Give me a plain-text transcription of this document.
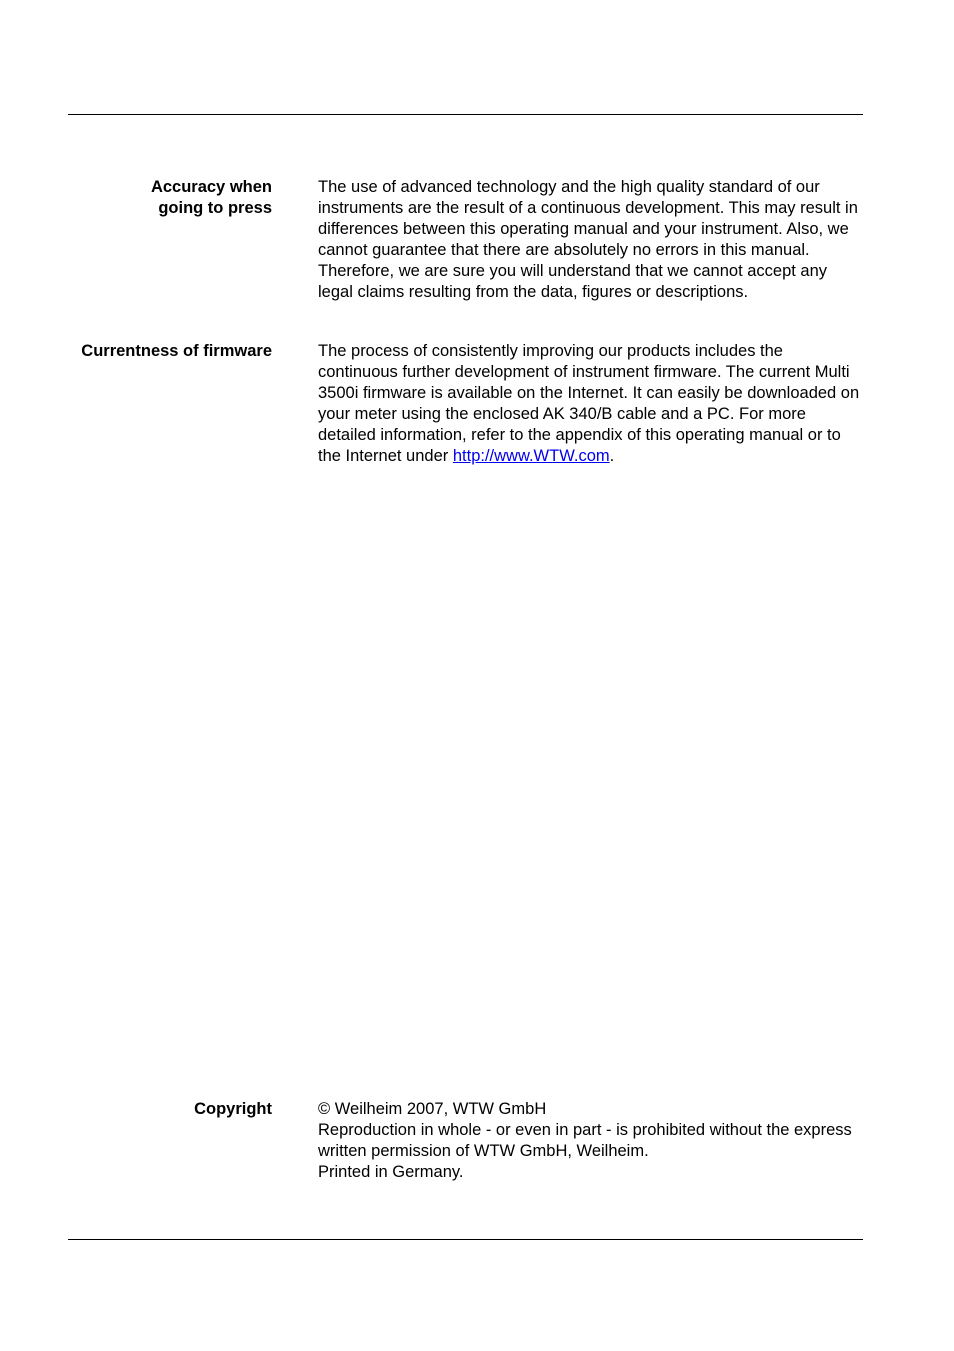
Accuracy when
going to press

The use of advanced technology and the high quality standard of our instruments are the result of a continuous development. This may result in differences between this operating manual and your instrument. Also, we cannot guarantee that there are absolutely no errors in this manual. Therefore, we are sure you will understand that we cannot accept any legal claims resulting from the data, figures or descriptions.

Currentness of firmware	The process of consistently improving our products includes the continuous further development of instrument firmware. The current Multi 3500i firmware is available on the Internet. It can easily be downloaded on your meter using the enclosed AK 340/B cable and a PC. For more detailed information, refer to the appendix of this operating manual or to the Internet under http://www.WTW.com.

Copyright	© Weilheim 2007, WTW GmbH

Reproduction in whole - or even in part - is prohibited without the express written permission of WTW GmbH, Weilheim.

Printed in Germany.
